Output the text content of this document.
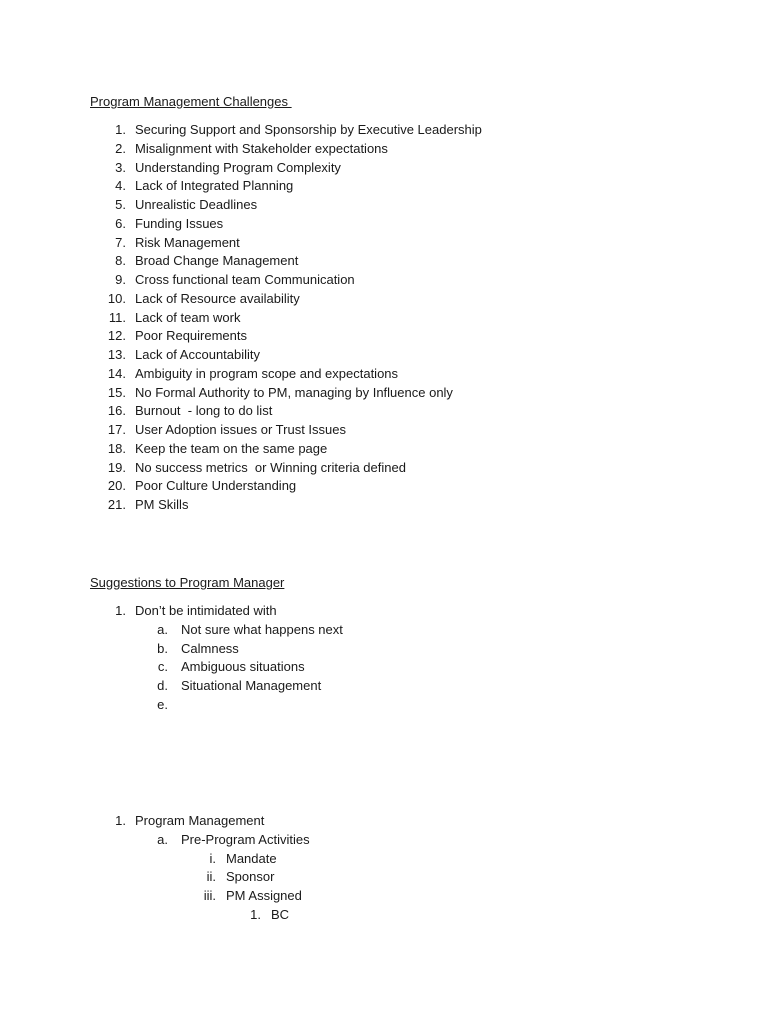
Program Management Challenges
1. Securing Support and Sponsorship by Executive Leadership
2. Misalignment with Stakeholder expectations
3. Understanding Program Complexity
4. Lack of Integrated Planning
5. Unrealistic Deadlines
6. Funding Issues
7. Risk Management
8. Broad Change Management
9. Cross functional team Communication
10. Lack of Resource availability
11. Lack of team work
12. Poor Requirements
13. Lack of Accountability
14. Ambiguity in program scope and expectations
15. No Formal Authority to PM, managing by Influence only
16. Burnout  - long to do list
17. User Adoption issues or Trust Issues
18. Keep the team on the same page
19. No success metrics  or Winning criteria defined
20. Poor Culture Understanding
21. PM Skills
Suggestions to Program Manager
1. Don’t be intimidated with
a. Not sure what happens next
b. Calmness
c. Ambiguous situations
d. Situational Management
e.
1. Program Management
a. Pre-Program Activities
i. Mandate
ii. Sponsor
iii. PM Assigned
1. BC
